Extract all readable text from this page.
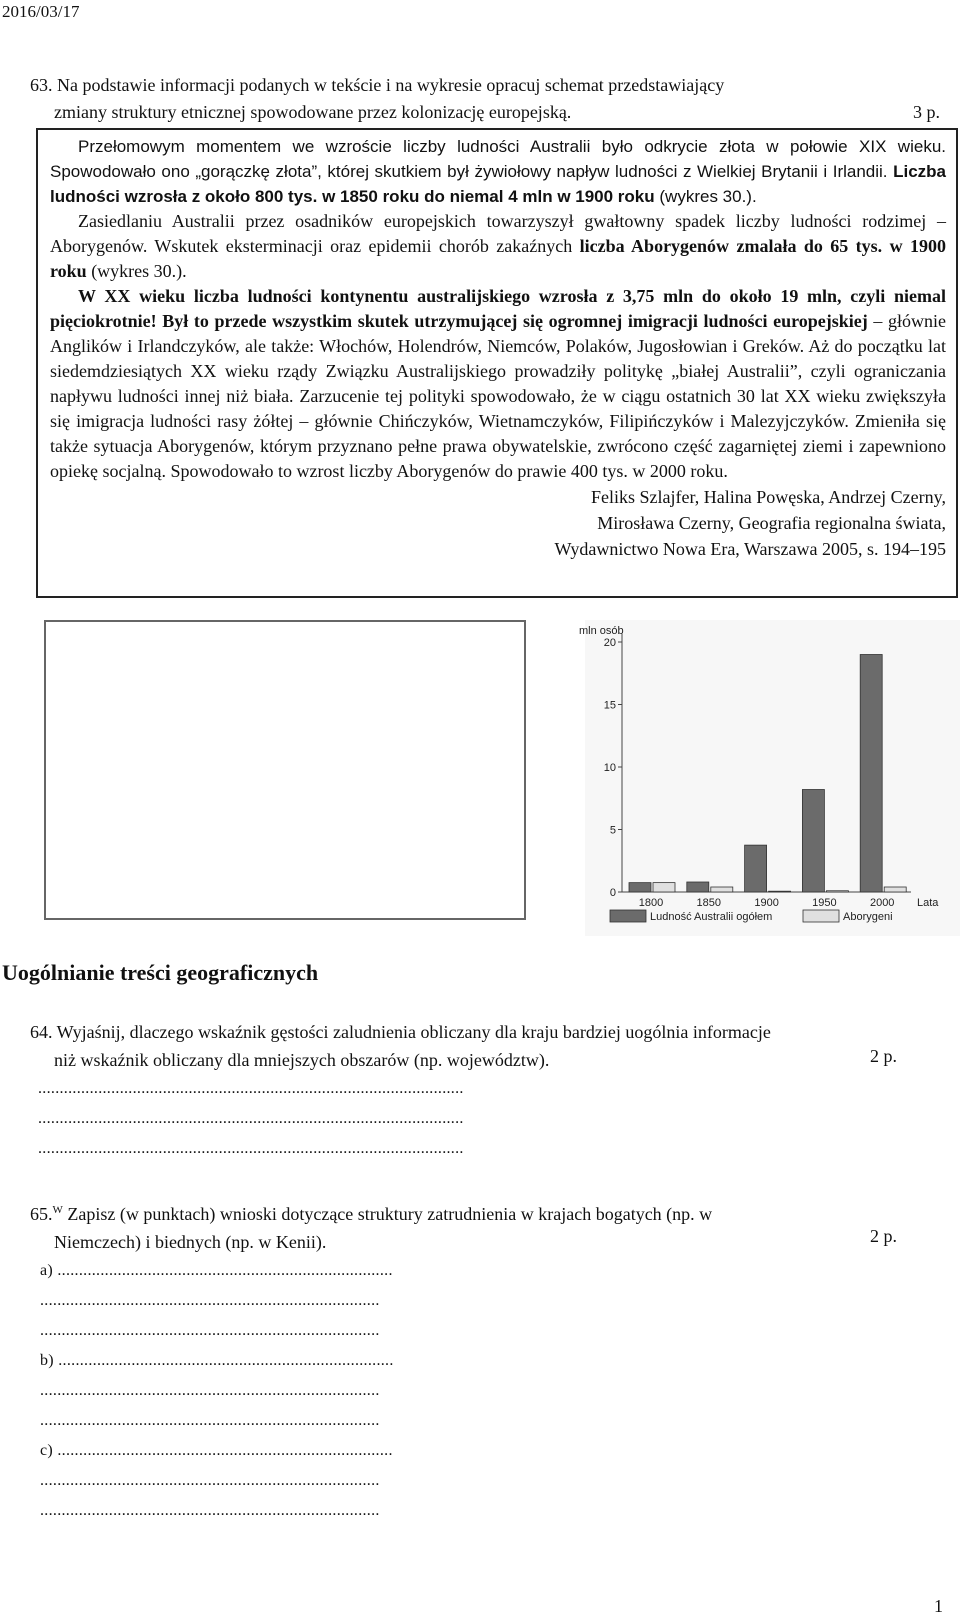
2016/03/17
63. Na podstawie informacji podanych w tekście i na wykresie opracuj schemat przedstawiający
zmiany struktury etnicznej spowodowane przez kolonizację europejską.	3 p.

Przełomowym momentem we wzroście liczby ludności Australii było odkrycie złota w połowie XIX wieku. Spowodowało ono „gorączkę złota”, której skutkiem był żywiołowy napływ ludności z Wielkiej Brytanii i Irlandii. Liczba ludności wzrosła z około 800 tys. w 1850 roku do niemal 4 mln w 1900 roku (wykres 30.).

Zasiedlaniu Australii przez osadników europejskich towarzyszył gwałtowny spadek liczby ludności rodzimej – Aborygenów. Wskutek eksterminacji oraz epidemii chorób zakaźnych liczba Aborygenów zmalała do 65 tys. w 1900 roku (wykres 30.).

W XX wieku liczba ludności kontynentu australijskiego wzrosła z 3,75 mln do około 19 mln, czyli niemal pięciokrotnie! Był to przede wszystkim skutek utrzymującej się ogromnej imigracji ludności europejskiej – głównie Anglików i Irlandczyków, ale także: Włochów, Holendrów, Niemców, Polaków, Jugosłowian i Greków. Aż do początku lat siedemdziesiątych XX wieku rządy Związku Australijskiego prowadziły politykę „białej Australii”, czyli ograniczania napływu ludności innej niż biała. Zarzucenie tej polityki spowodowało, że w ciągu ostatnich 30 lat XX wieku zwiększyła się imigracja ludności rasy żółtej – głównie Chińczyków, Wietnamczyków, Filipińczyków i Malezyjczyków. Zmieniła się także sytuacja Aborygenów, którym przyznano pełne prawa obywatelskie, zwrócono część zagarniętej ziemi i zapewniono opiekę socjalną. Spowodowało to wzrost liczby Aborygenów do prawie 400 tys. w 2000 roku.

Feliks Szlajfer, Halina Powęska, Andrzej Czerny,

Mirosława Czerny, Geografia regionalna świata,

Wydawnictwo Nowa Era, Warszawa 2005, s. 194–195

mln osób
0
5
10
15
20
1800	1850	1900	1950	2000 Lata
Ludność Australii ogółem	Aborygeni
Uogólnianie treści geograficznych
64. Wyjaśnij, dlaczego wskaźnik gęstości zaludnienia obliczany dla kraju bardziej uogólnia informacje
niż wskaźnik obliczany dla mniejszych obszarów (np. województw).
...................................................................................................
...................................................................................................
...................................................................................................
2 p.
65.$^W$ Zapisz (w punktach) wnioski dotyczące struktury zatrudnienia w krajach bogatych (np. w
Niemczech) i biednych (np. w Kenii).
a) ..............................................................................
...............................................................................
...............................................................................
b) ..............................................................................
...............................................................................
...............................................................................
c) ..............................................................................
...............................................................................
...............................................................................
2 p.
1
